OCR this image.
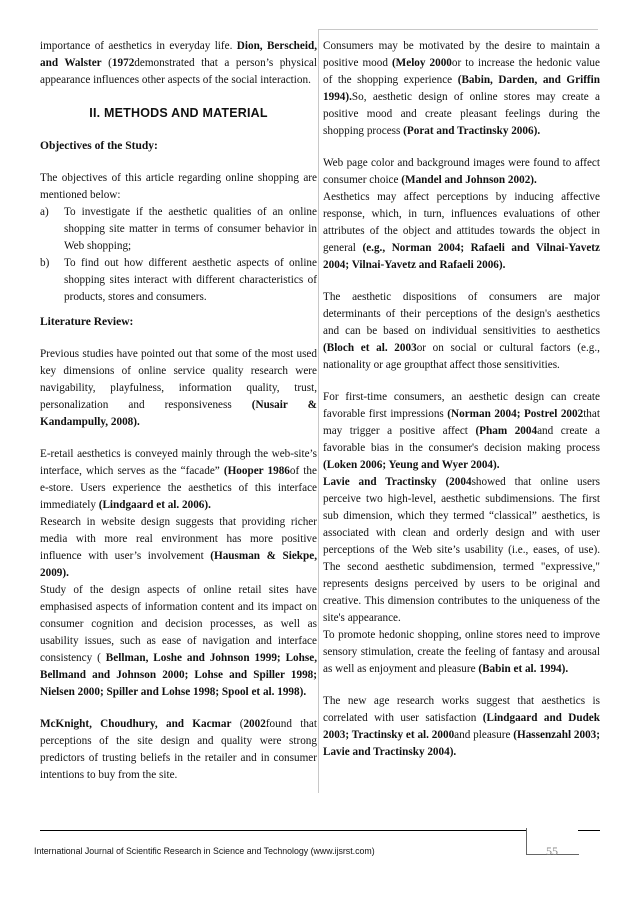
importance of aesthetics in everyday life. Dion, Berscheid, and Walster (1972demonstrated that a person’s physical appearance influences other aspects of the social interaction.

II. METHODS AND MATERIAL
Objectives of the Study:

The objectives of this article regarding online shopping are mentioned below:

a) To investigate if the aesthetic qualities of an online shopping site matter in terms of consumer behavior in Web shopping;
b) To find out how different aesthetic aspects of online shopping sites interact with different characteristics of products, stores and consumers.
Literature Review:

Previous studies have pointed out that some of the most used key dimensions of online service quality research were navigability, playfulness, information quality, trust, personalization and responsiveness (Nusair & Kandampully, 2008).

E-retail aesthetics is conveyed mainly through the web-site’s interface, which serves as the “facade” (Hooper 1986of the e-store. Users experience the aesthetics of this interface immediately (Lindgaard et al. 2006).

Research in website design suggests that providing richer media with more real environment has more positive influence with user’s involvement (Hausman & Siekpe, 2009).

Study of the design aspects of online retail sites have emphasised aspects of information content and its impact on consumer cognition and decision processes, as well as usability issues, such as ease of navigation and interface consistency ( Bellman, Loshe and Johnson 1999; Lohse, Bellmand and Johnson 2000; Lohse and Spiller 1998; Nielsen 2000; Spiller and Lohse 1998; Spool et al. 1998).

McKnight, Choudhury, and Kacmar (2002found that perceptions of the site design and quality were strong predictors of trusting beliefs in the retailer and in consumer intentions to buy from the site.

Consumers may be motivated by the desire to maintain a positive mood (Meloy 2000or to increase the hedonic value of the shopping experience (Babin, Darden, and Griffin 1994).So, aesthetic design of online stores may create a positive mood and create pleasant feelings during the shopping process (Porat and Tractinsky 2006).

Web page color and background images were found to affect consumer choice (Mandel and Johnson 2002).

Aesthetics may affect perceptions by inducing affective response, which, in turn, influences evaluations of other attributes of the object and attitudes towards the object in general (e.g., Norman 2004; Rafaeli and Vilnai-Yavetz 2004; Vilnai-Yavetz and Rafaeli 2006).

The aesthetic dispositions of consumers are major determinants of their perceptions of the design's aesthetics and can be based on individual sensitivities to aesthetics (Bloch et al. 2003or on social or cultural factors (e.g., nationality or age groupthat affect those sensitivities.

For first-time consumers, an aesthetic design can create favorable first impressions (Norman 2004; Postrel 2002that may trigger a positive affect (Pham 2004and create a favorable bias in the consumer's decision making process (Loken 2006; Yeung and Wyer 2004).

Lavie and Tractinsky (2004showed that online users perceive two high-level, aesthetic subdimensions. The first sub dimension, which they termed “classical” aesthetics, is associated with clean and orderly design and with user perceptions of the Web site’s usability (i.e., eases, of use). The second aesthetic subdimension, termed "expressive," represents designs perceived by users to be original and creative. This dimension contributes to the uniqueness of the site's appearance.

To promote hedonic shopping, online stores need to improve sensory stimulation, create the feeling of fantasy and arousal as well as enjoyment and pleasure (Babin et al. 1994).

The new age research works suggest that aesthetics is correlated with user satisfaction (Lindgaard and Dudek 2003; Tractinsky et al. 2000and pleasure (Hassenzahl 2003; Lavie and Tractinsky 2004).

International Journal of Scientific Research in Science and Technology (www.ijsrst.com)	55
